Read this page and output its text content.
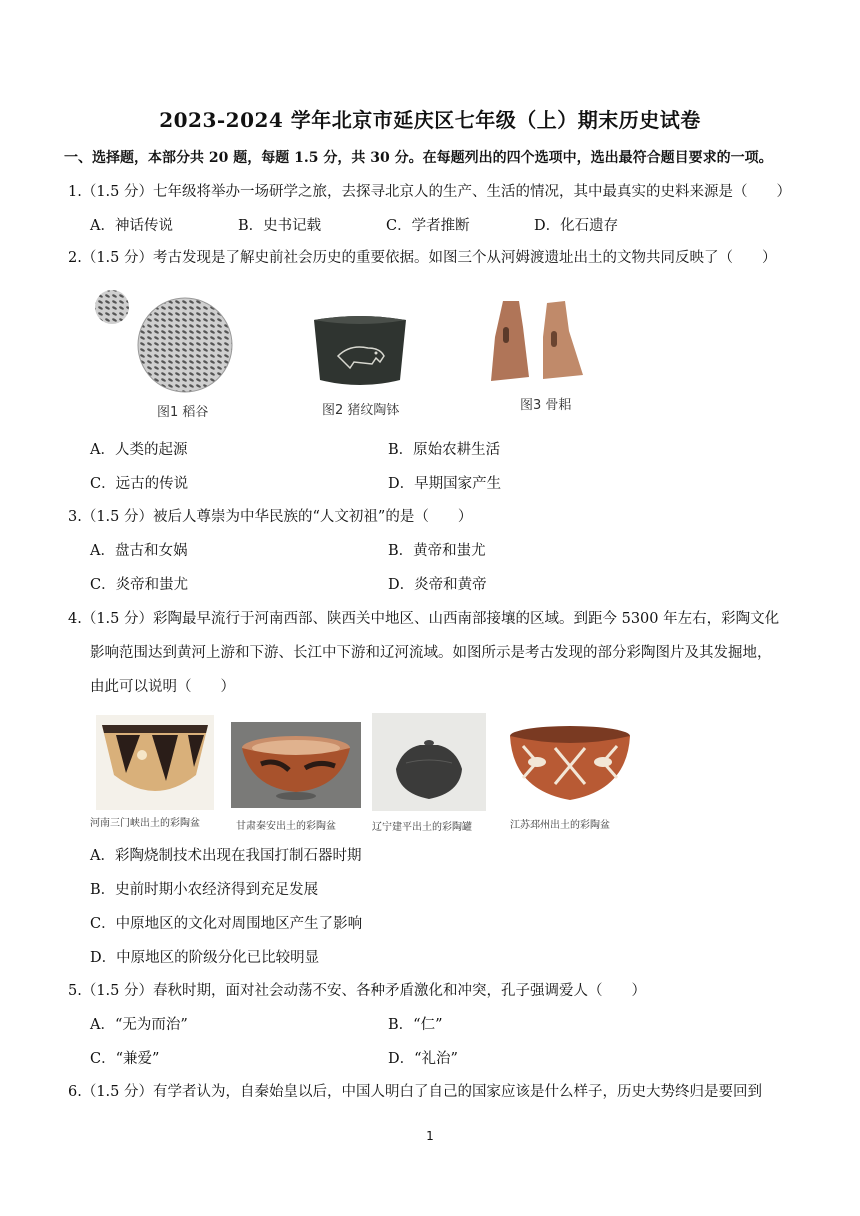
2023-2024 学年北京市延庆区七年级（上）期末历史试卷
一、选择题，本部分共 20 题，每题 1.5 分，共 30 分。在每题列出的四个选项中，选出最符合题目要求的一项。
1.（1.5 分）七年级将举办一场研学之旅，去探寻北京人的生产、生活的情况，其中最真实的史料来源是（　　）
A．神话传说	B．史书记载	C．学者推断	D．化石遗存
2.（1.5 分）考古发现是了解史前社会历史的重要依据。如图三个从河姆渡遗址出土的文物共同反映了（　　）
图1 稻谷	图2 猪纹陶钵	图3 骨耜
A．人类的起源	B．原始农耕生活
C．远古的传说	D．早期国家产生
3.（1.5 分）被后人尊崇为中华民族的“人文初祖”的是（　　）
A．盘古和女娲	B．黄帝和蚩尤
C．炎帝和蚩尤	D．炎帝和黄帝
4.（1.5 分）彩陶最早流行于河南西部、陕西关中地区、山西南部接壤的区域。到距今 5300 年左右，彩陶文化
影响范围达到黄河上游和下游、长江中下游和辽河流域。如图所示是考古发现的部分彩陶图片及其发掘地，
由此可以说明（　　）
河南三门峡出土的彩陶盆	甘肃秦安出土的彩陶盆	辽宁建平出土的彩陶罐	江苏邳州出土的彩陶盆
A．彩陶烧制技术出现在我国打制石器时期
B．史前时期小农经济得到充足发展
C．中原地区的文化对周围地区产生了影响
D．中原地区的阶级分化已比较明显
5.（1.5 分）春秋时期，面对社会动荡不安、各种矛盾激化和冲突，孔子强调爱人（　　）
A．“无为而治”	B．“仁”
C．“兼爱”	D．“礼治”
6.（1.5 分）有学者认为，自秦始皇以后，中国人明白了自己的国家应该是什么样子，历史大势终归是要回到
1
